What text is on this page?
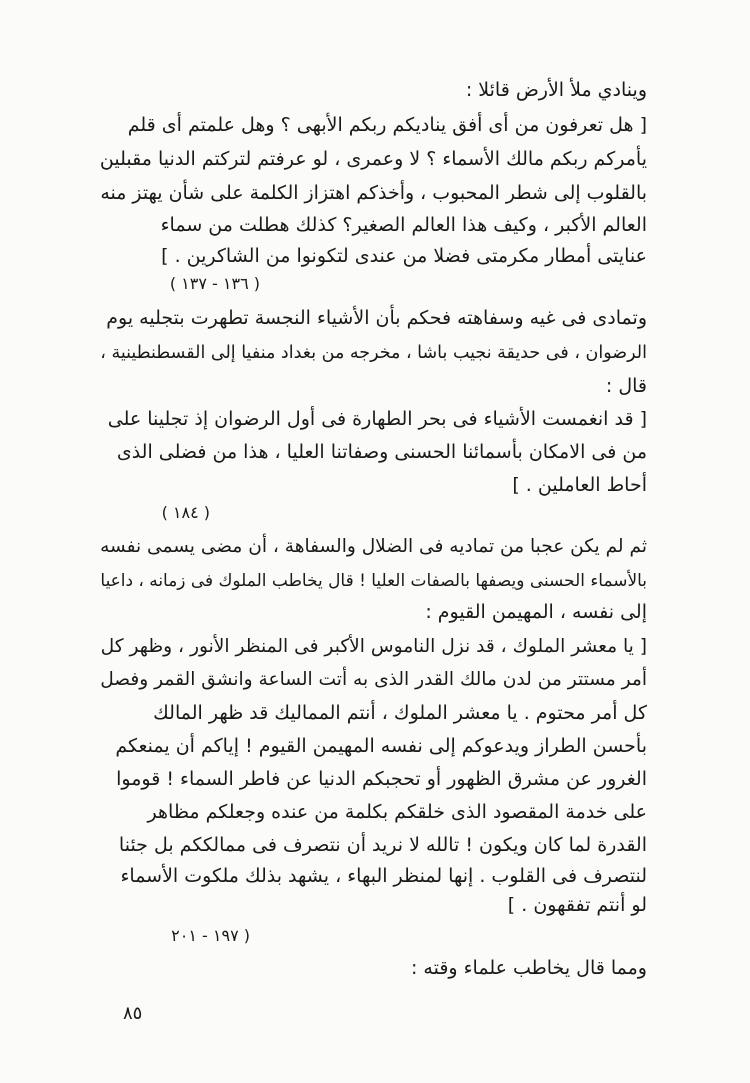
وينادي ملأ الأرض قائلا :
[ هل تعرفون من أى أفق يناديكم ربكم الأبهى ؟ وهل علمتم أى قلم
يأمركم ربكم مالك الأسماء ؟ لا وعمرى ، لو عرفتم لتركتم الدنيا مقبلين
بالقلوب إلى شطر المحبوب ، وأخذكم اهتزاز الكلمة على شأن يهتز منه
العالم الأكبر ، وكيف هذا العالم الصغير؟ كذلك هطلت من سماء
عنايتى أمطار مكرمتى فضلا من عندى لتكونوا من الشاكرين . ]
( ١٣٦ - ١٣٧ )
وتمادى فى غيه وسفاهته فحكم بأن الأشياء النجسة تطهرت بتجليه يوم
الرضوان ، فى حديقة نجيب باشا ، مخرجه من بغداد منفيا إلى القسطنطينية ،
قال :
[ قد انغمست الأشياء فى بحر الطهارة فى أول الرضوان إذ تجلينا على
من فى الامكان بأسمائنا الحسنى وصفاتنا العليا ، هذا من فضلى الذى
أحاط العاملين . ]
( ١٨٤ )
ثم لم يكن عجبا من تماديه فى الضلال والسفاهة ، أن مضى يسمى نفسه
بالأسماء الحسنى ويصفها بالصفات العليا ! قال يخاطب الملوك فى زمانه ، داعيا
إلى نفسه ، المهيمن القيوم :
[ يا معشر الملوك ، قد نزل الناموس الأكبر فى المنظر الأنور ، وظهر كل
أمر مستتر من لدن مالك القدر الذى به أتت الساعة وانشق القمر وفصل
كل أمر محتوم . يا معشر الملوك ، أنتم المماليك قد ظهر المالك
بأحسن الطراز ويدعوكم إلى نفسه المهيمن القيوم ! إياكم أن يمنعكم
الغرور عن مشرق الظهور أو تحجبكم الدنيا عن فاطر السماء ! قوموا
على خدمة المقصود الذى خلقكم بكلمة من عنده وجعلكم مظاهر
القدرة لما كان ويكون ! تالله لا نريد أن نتصرف فى ممالككم بل جئنا
لنتصرف فى القلوب . إنها لمنظر البهاء ، يشهد بذلك ملكوت الأسماء
لو أنتم تفقهون . ]
( ١٩٧ - ٢٠١
ومما قال يخاطب علماء وقته :
٨٥
